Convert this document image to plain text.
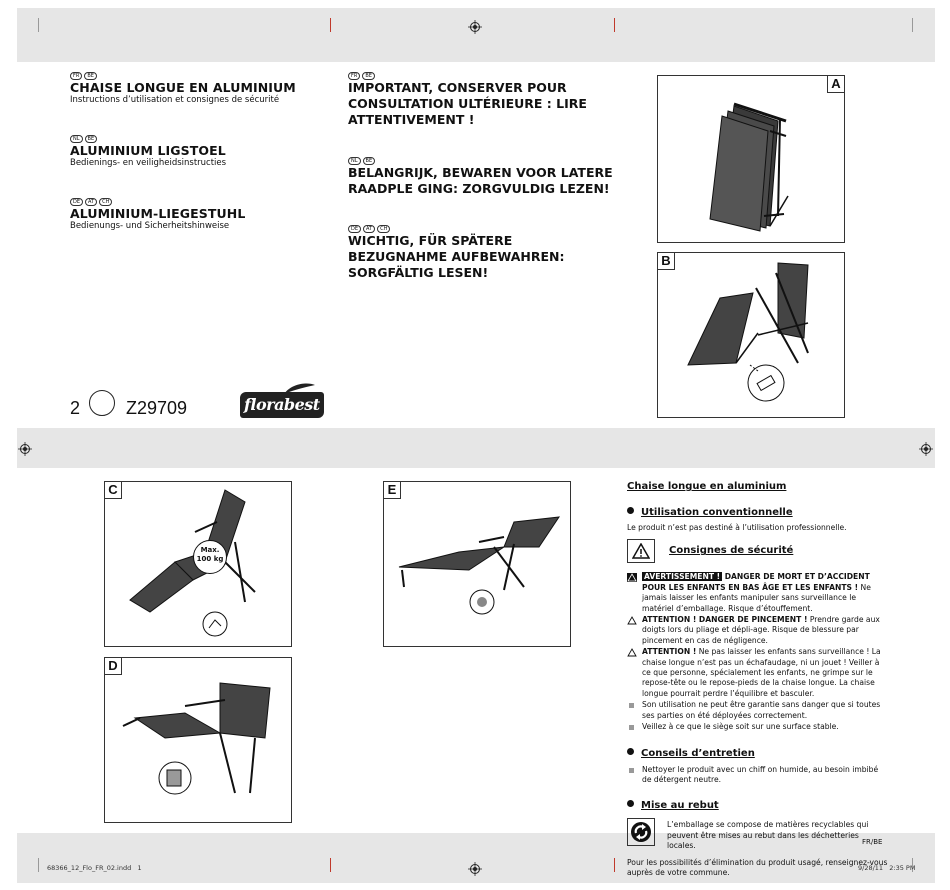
FR BE
CHAISE LONGUE EN ALUMINIUM
Instructions d’utilisation et consignes de sécurité
NL BE
ALUMINIUM LIGSTOEL
Bedienings- en veiligheidsinstructies
DE AT CH
ALUMINIUM-LIEGESTUHL
Bedienungs- und Sicherheitshinweise
FR BE
IMPORTANT, CONSERVER POUR
CONSULTATION ULTÉRIEURE : LIRE
ATTENTIVEMENT !
NL BE
BELANGRIJK, BEWAREN VOOR LATERE
RAADPLE GING: ZORGVULDIG LEZEN!
DE AT CH
WICHTIG, FÜR SPÄTERE
BEZUGNAHME AUFBEWAHREN:
SORGFÄLTIG LESEN!
2	Z29709	florabest
A
B
C
Max.
100 kg
D
E	Chaise longue en aluminium
Utilisation conventionnelle
Le produit n’est pas destiné à l’utilisation professionnelle.
Consignes de sécurité
AVERTISSEMENT ! DANGER DE MORT ET D’ACCIDENT POUR LES ENFANTS EN BAS ÂGE ET LES ENFANTS ! Ne jamais laisser les enfants manipuler sans surveillance le matériel d’emballage. Risque d’étouffement.
ATTENTION ! DANGER DE PINCEMENT ! Prendre garde aux doigts lors du pliage et dépli-age. Risque de blessure par pincement en cas de négligence.
ATTENTION ! Ne pas laisser les enfants sans surveillance ! La chaise longue n’est pas un échafaudage, ni un jouet ! Veiller à ce que personne, spécialement les enfants, ne grimpe sur le repose-tête ou le repose-pieds de la chaise longue. La chaise longue pourrait perdre l’équilibre et basculer.
Son utilisation ne peut être garantie sans danger que si toutes ses parties on été déployées correctement.
Veillez à ce que le siège soit sur une surface stable.
Conseils d’entretien
Nettoyer le produit avec un chiff on humide, au besoin imbibé de détergent neutre.
Mise au rebut
L’emballage se compose de matières recyclables qui peuvent être mises au rebut dans les déchetteries locales.
Pour les possibilités d’élimination du produit usagé, renseignez-vous auprès de votre commune.
FR/BE
68366_12_Flo_FR_02.indd   1	9/28/11   2:35 PM
